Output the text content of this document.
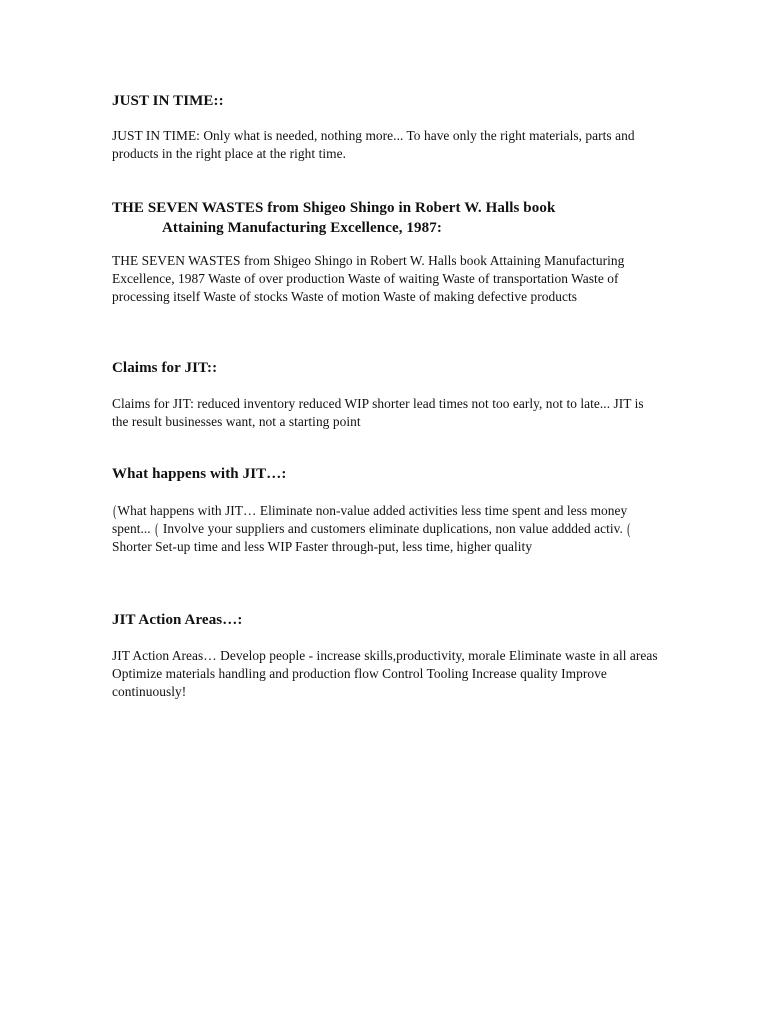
JUST IN TIME::

JUST IN TIME: Only what is needed, nothing more... To have only the right materials, parts and products in the right place at the right time.

THE SEVEN WASTES from Shigeo Shingo in Robert W. Halls book
Attaining Manufacturing Excellence, 1987:

THE SEVEN WASTES from Shigeo Shingo in Robert W. Halls book Attaining Manufacturing Excellence, 1987 Waste of over production Waste of waiting Waste of transportation Waste of processing itself Waste of stocks Waste of motion Waste of making defective products

Claims for JIT::

Claims for JIT: reduced inventory reduced WIP shorter lead times not too early, not to late... JIT is the result businesses want, not a starting point

What happens with JIT…:

(What happens with JIT… Eliminate non-value added activities less time spent and less money spent... ( Involve your suppliers and customers eliminate duplications, non value addded activ. ( Shorter Set-up time and less WIP Faster through-put, less time, higher quality

JIT Action Areas…:

JIT Action Areas… Develop people - increase skills,productivity, morale Eliminate waste in all areas Optimize materials handling and production flow Control Tooling Increase quality Improve continuously!
